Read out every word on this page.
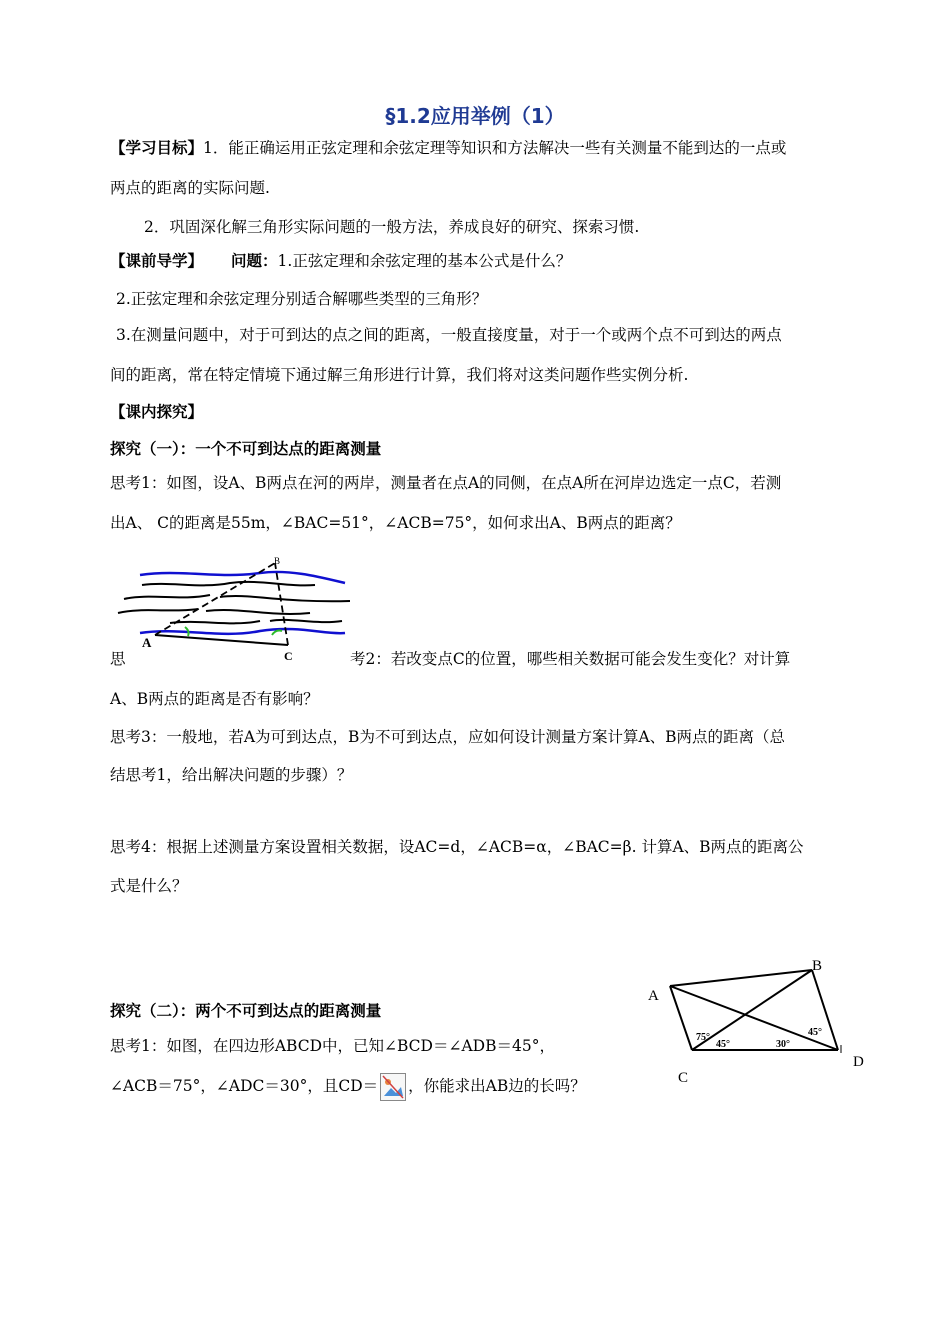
§1.2应用举例（1）
【学习目标】1．能正确运用正弦定理和余弦定理等知识和方法解决一些有关测量不能到达的一点或
两点的距离的实际问题.
2．巩固深化解三角形实际问题的一般方法，养成良好的研究、探索习惯.
【课前导学】 问题：1.正弦定理和余弦定理的基本公式是什么？
2.正弦定理和余弦定理分别适合解哪些类型的三角形？
3.在测量问题中，对于可到达的点之间的距离，一般直接度量，对于一个或两个点不可到达的两点
间的距离，常在特定情境下通过解三角形进行计算，我们将对这类问题作些实例分析.
【课内探究】
探究（一）：一个不可到达点的距离测量
思考1：如图，设A、B两点在河的两岸，测量者在点A的同侧，在点A所在河岸边选定一点C，若测
出A、 C的距离是55m，∠BAC=51°，∠ACB=75°，如何求出A、B两点的距离？
A
C
B
思	考2：若改变点C的位置，哪些相关数据可能会发生变化？对计算
A、B两点的距离是否有影响？
思考3：一般地，若A为可到达点，B为不可到达点，应如何设计测量方案计算A、B两点的距离（总
结思考1，给出解决问题的步骤）？
思考4：根据上述测量方案设置相关数据，设AC=d，∠ACB=α，∠BAC=β. 计算A、B两点的距离公
式是什么？
探究（二）：两个不可到达点的距离测量
思考1：如图，在四边形ABCD中，已知∠BCD＝∠ADB＝45°，
∠ACB＝75°，∠ADC＝30°，且CD＝ ，你能求出AB边的长吗？
A
B
C
D
75°
45°	30°
45°
